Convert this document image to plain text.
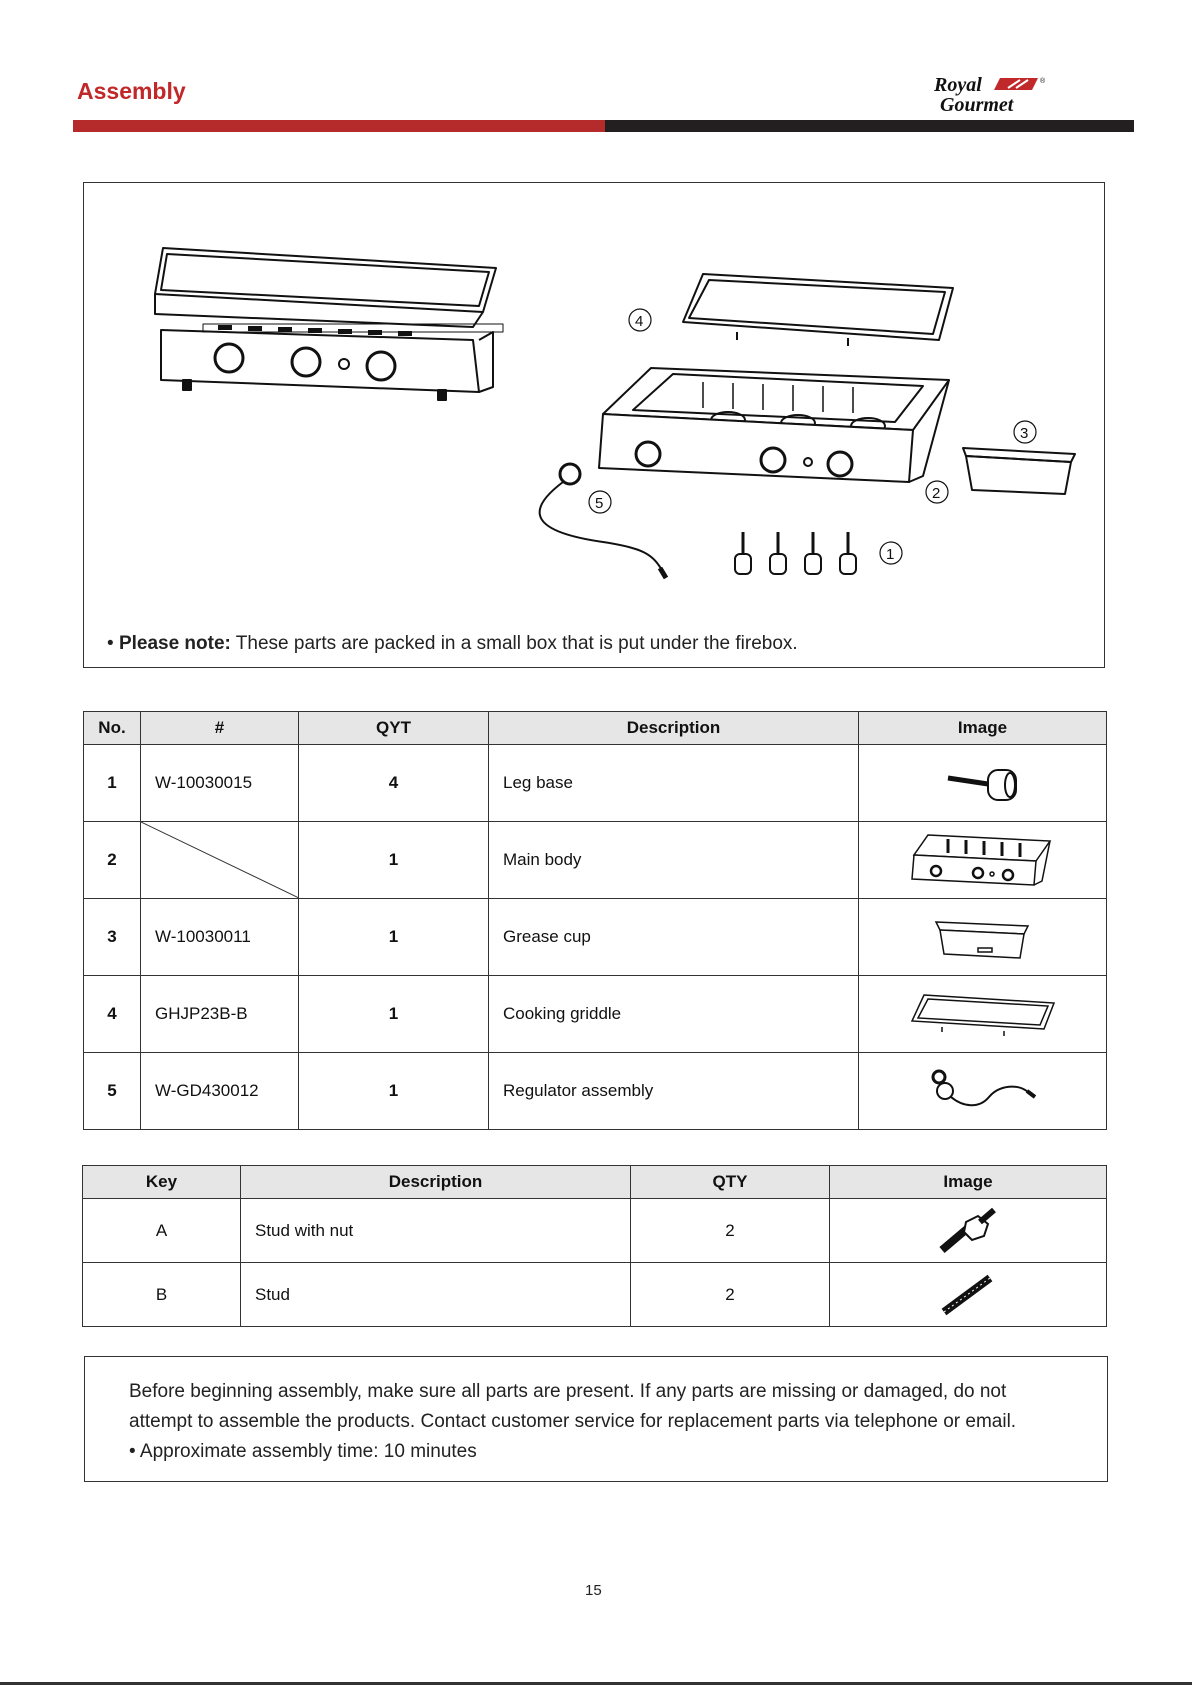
Assembly	Royal
Gourmet
®
1
2
3
4
5
• Please note: These parts are packed in a small box that is put under the firebox.
No.	#	QYT	Description	Image
1	W-10030015	4	Leg base	

2		1	Main body	

3	W-10030011	1	Grease cup	

4	GHJP23B-B	1	Cooking griddle	

5	W-GD430012	1	Regulator assembly	
Key	Description	QTY	Image
A	Stud with nut	2	

B	Stud	2	
Before beginning assembly, make sure all parts are present. If any parts are missing or damaged, do not
attempt to assemble the products. Contact customer service for replacement parts via telephone or email.
• Approximate assembly time: 10 minutes
15
